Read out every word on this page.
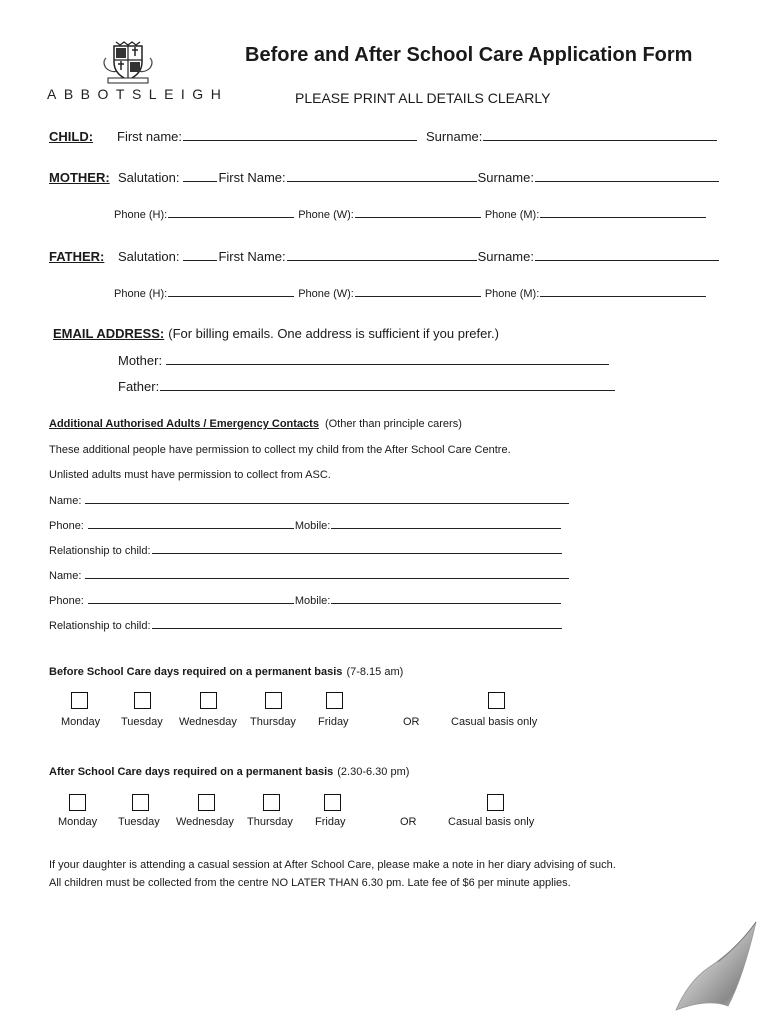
ABBOTSLEIGH
Before and After School Care Application Form
PLEASE PRINT ALL DETAILS CLEARLY
CHILD: First name:	Surname:
MOTHER: Salutation:	First Name:	Surname:
Phone (H):	Phone (W):	Phone (M):
FATHER: Salutation:	First Name:	Surname:
Phone (H):	Phone (W):	Phone (M):
EMAIL ADDRESS: (For billing emails. One address is sufficient if you prefer.)
Mother:
Father:
Additional Authorised Adults / Emergency Contacts (Other than principle carers)
These additional people have permission to collect my child from the After School Care Centre.
Unlisted adults must have permission to collect from ASC.
Name:
Phone:	Mobile:
Relationship to child:
Name:
Phone:	Mobile:
Relationship to child:
Before School Care days required on a permanent basis (7-8.15 am)
Monday Tuesday Wednesday Thursday Friday	OR	Casual basis only
After School Care days required on a permanent basis (2.30-6.30 pm)
Monday Tuesday Wednesday Thursday Friday	OR	Casual basis only
If your daughter is attending a casual session at After School Care, please make a note in her diary advising of such.
All children must be collected from the centre NO LATER THAN 6.30 pm. Late fee of $6 per minute applies.
